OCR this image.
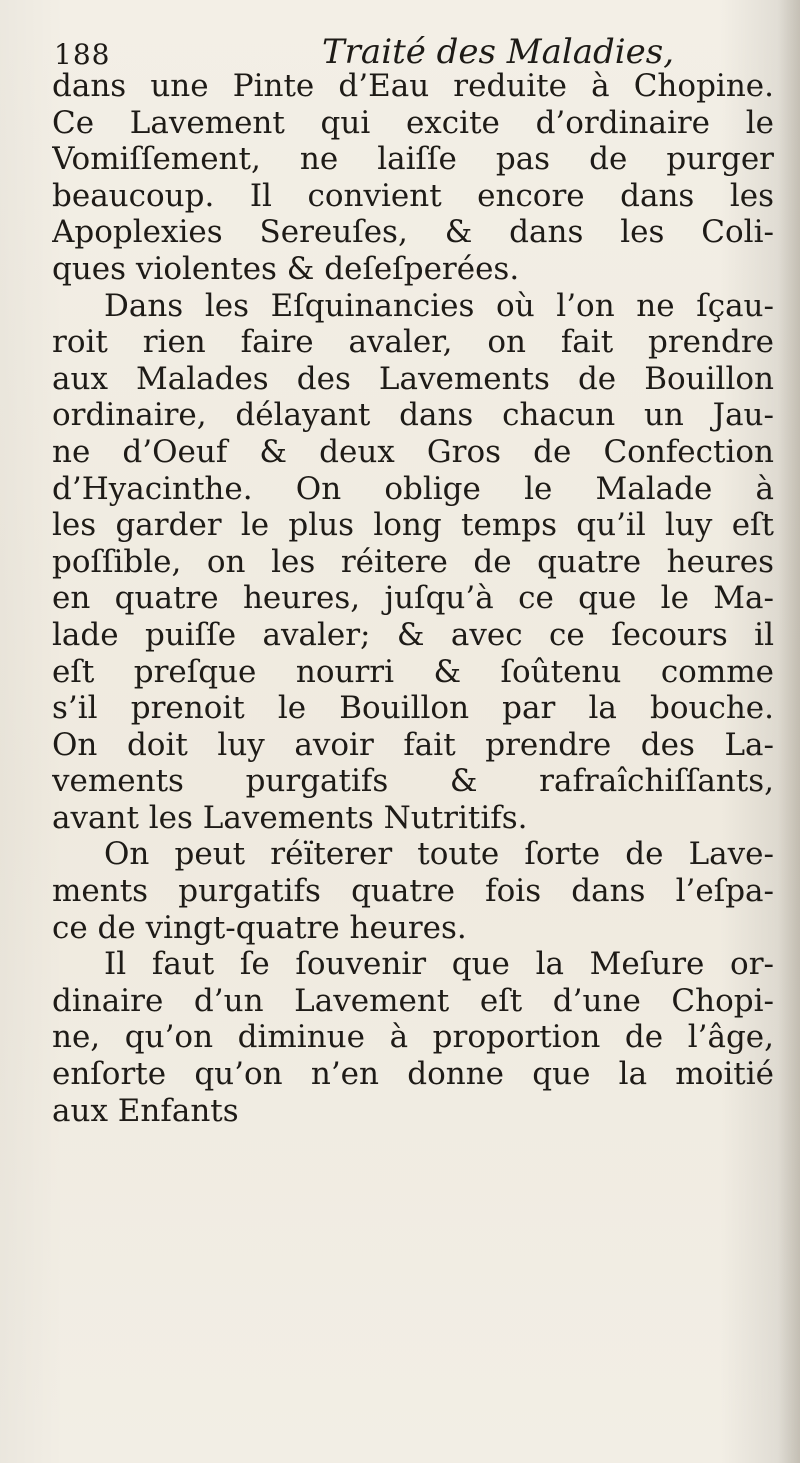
188	Traité des Maladies,
dans une Pinte d’Eau reduite à Chopine.
Ce Lavement qui excite d’ordinaire le
Vomiſſement, ne laiſſe pas de purger
beaucoup. Il convient encore dans les
Apoplexies Sereuſes, & dans les Coli-
ques violentes & deſeſperées.
Dans les Eſquinancies où l’on ne ſçau-
roit rien faire avaler, on fait prendre
aux Malades des Lavements de Bouillon
ordinaire, délayant dans chacun un Jau-
ne d’Oeuf & deux Gros de Confection
d’Hyacinthe. On oblige le Malade à
les garder le plus long temps qu’il luy eſt
poſſible, on les réitere de quatre heures
en quatre heures, juſqu’à ce que le Ma-
lade puiſſe avaler; & avec ce ſecours il
eſt preſque nourri & ſoûtenu comme
s’il prenoit le Bouillon par la bouche.
On doit luy avoir fait prendre des La-
vements purgatifs & rafraîchiſſants,
avant les Lavements Nutritifs.
On peut réïterer toute ſorte de Lave-
ments purgatifs quatre fois dans l’eſpa-
ce de vingt-quatre heures.
Il faut ſe ſouvenir que la Meſure or-
dinaire d’un Lavement eſt d’une Chopi-
ne, qu’on diminue à proportion de l’âge,
enſorte qu’on n’en donne que la moitié
aux Enfants
